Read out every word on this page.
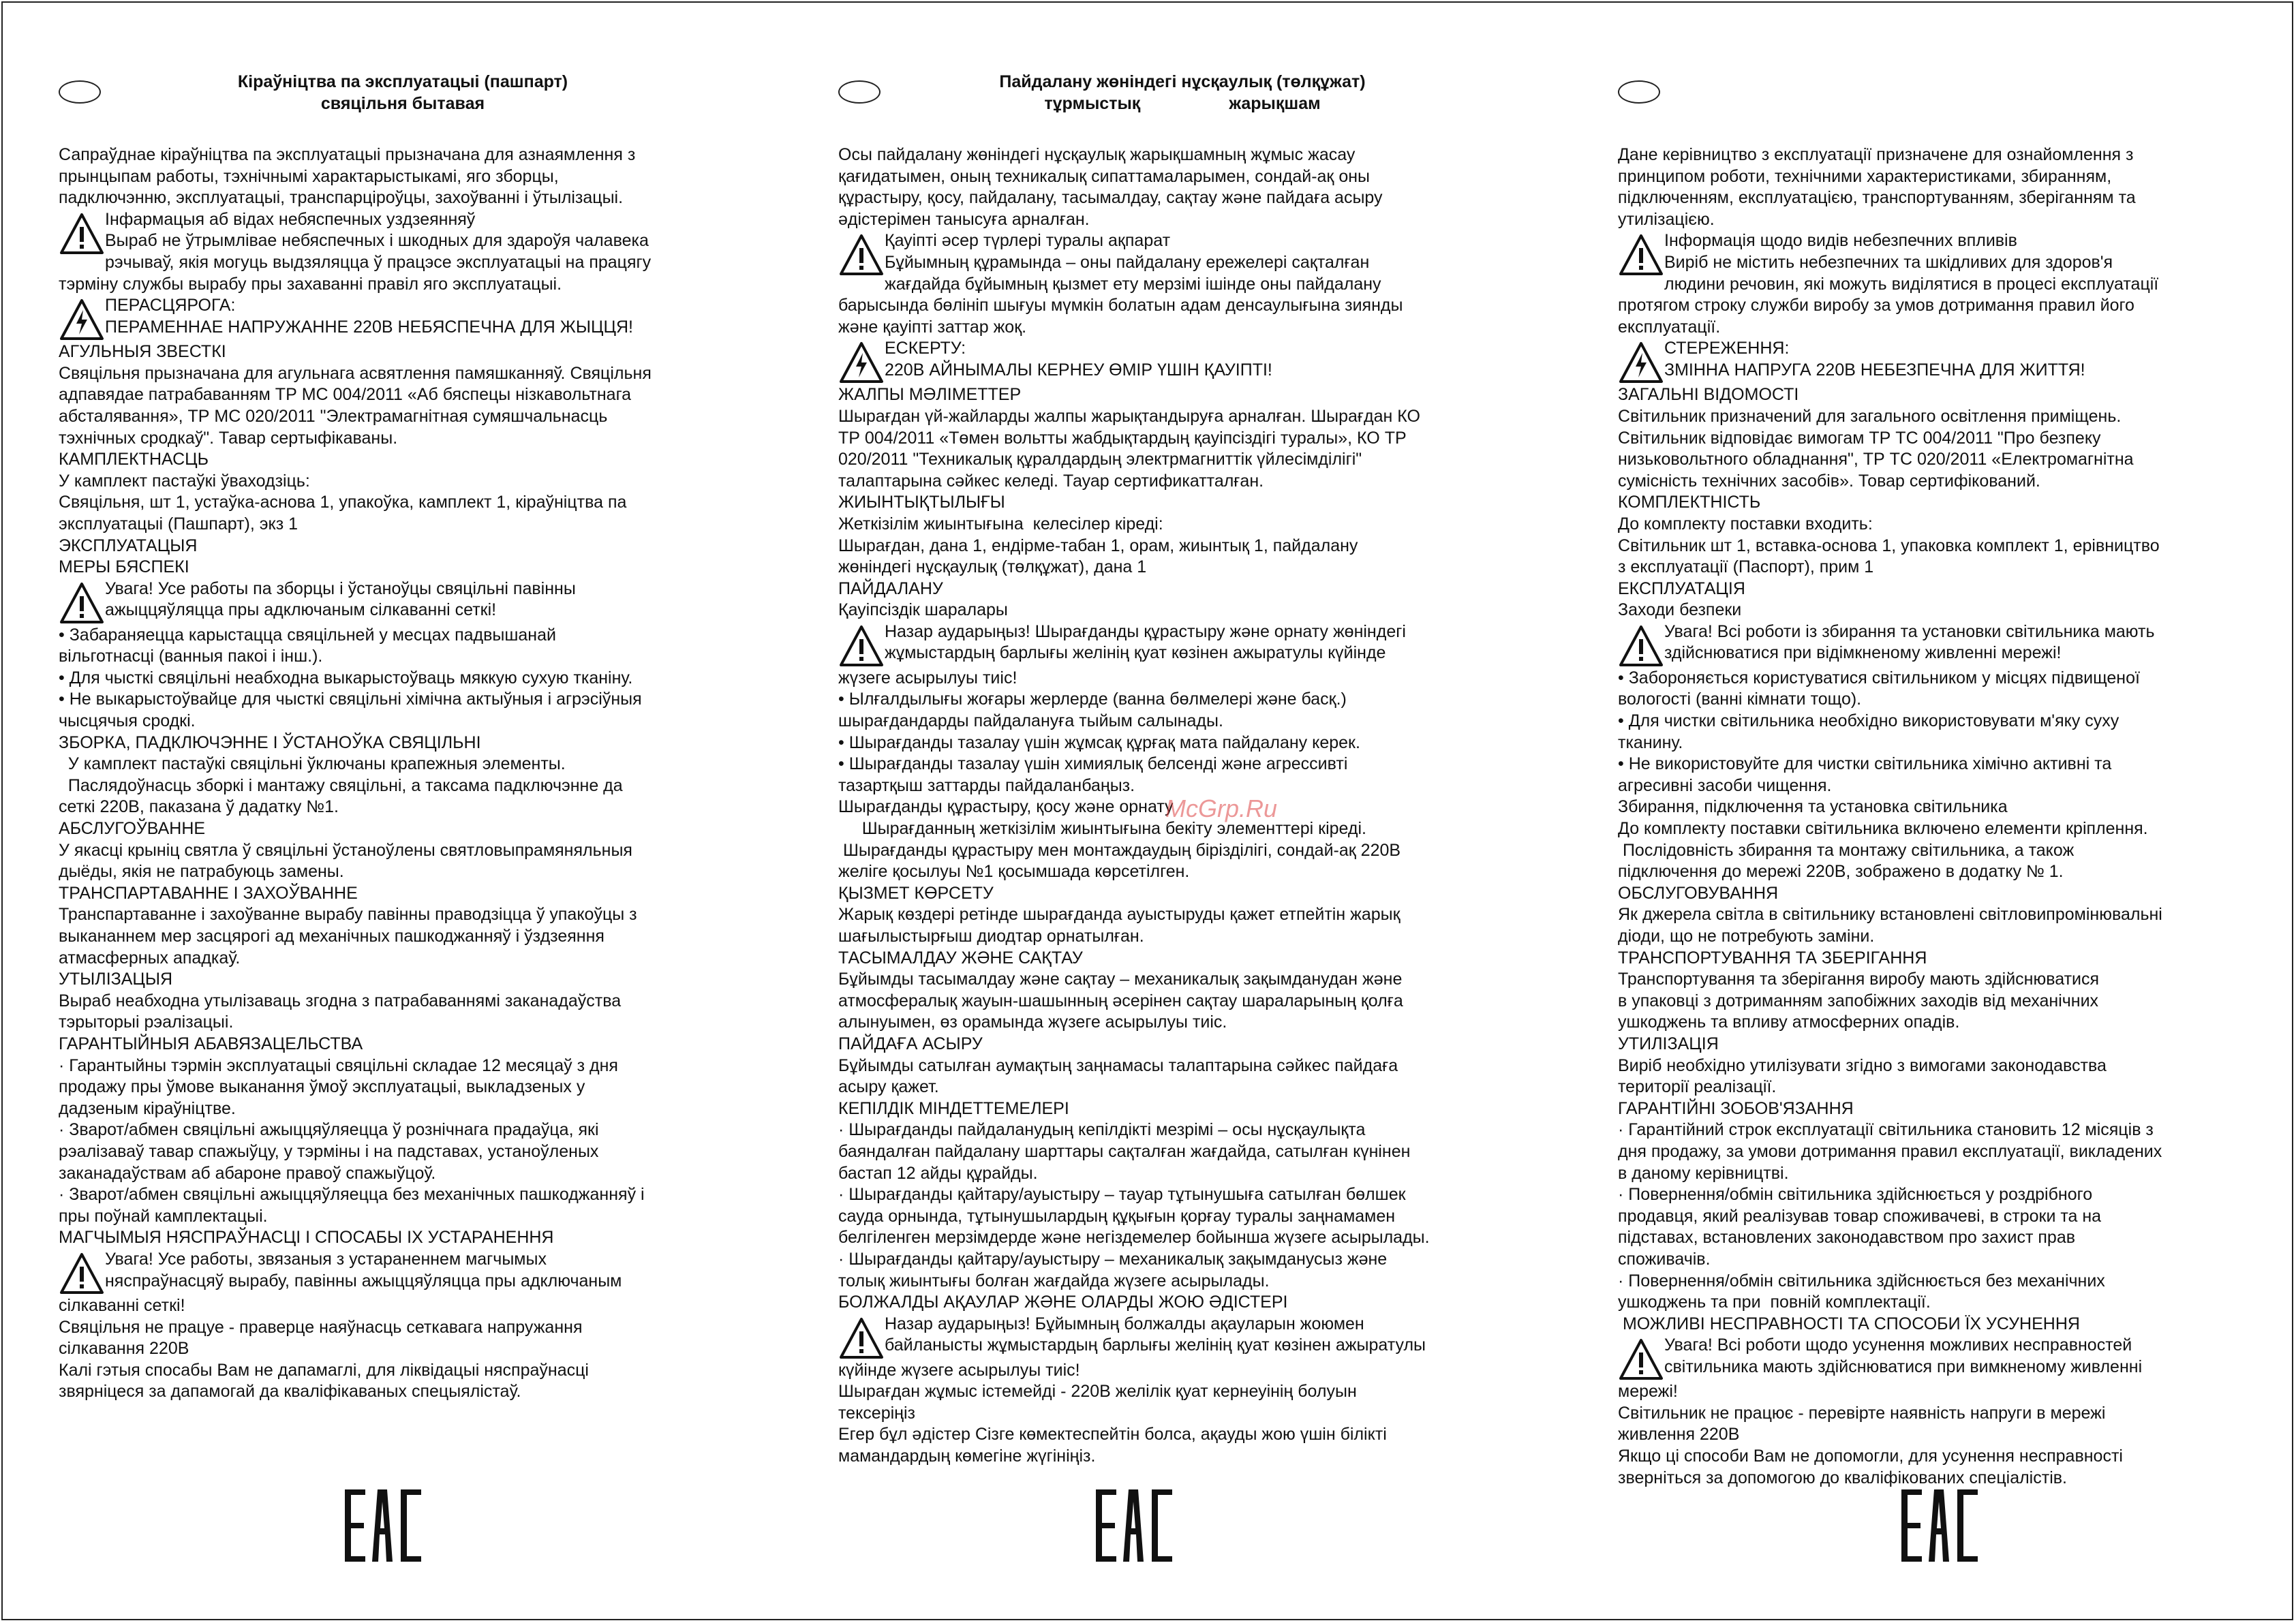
Кіраўніцтва па эксплуатацыі (пашпарт)
свяцільня бытавая

Сапраўднае кіраўніцтва па эксплуатацыі прызначана для азнаямлення з

прынцыпам работы, тэхнічнымі характарыстыкамі, яго зборцы,

падключэнню, эксплуатацыі, транспарціроўцы, захоўванні і ўтылізацыі.

Інфармацыя аб відах небяспечных уздзеянняў

Выраб не ўтрымлівае небяспечных і шкодных для здароўя чалавека

рэчываў, якія могуць выдзяляцца ў працэсе эксплуатацыі на працягу

тэрміну службы вырабу пры захаванні правіл яго эксплуатацыі.

ПЕРАСЦЯРОГА:

ПЕРАМЕННАЕ НАПРУЖАННЕ 220В НЕБЯСПЕЧНА ДЛЯ ЖЫЦЦЯ!

АГУЛЬНЫЯ ЗВЕСТКІ

Свяцільня прызначана для агульнага асвятлення памяшканняў. Свяцільня

адпавядае патрабаванням ТР МС 004/2011 «Аб бяспецы нізкавольтнага

абсталявання», ТР МС 020/2011 "Электрамагнітная сумяшчальнасць

тэхнічных сродкаў". Тавар сертыфікаваны.

КАМПЛЕКТНАСЦЬ

У камплект пастаўкі ўваходзіць:

Свяцільня, шт 1, устаўка-аснова 1, упакоўка, камплект 1, кіраўніцтва па

эксплуатацыі (Пашпарт), экз 1

ЭКСПЛУАТАЦЫЯ

МЕРЫ БЯСПЕКІ

Увага! Усе работы па зборцы і ўстаноўцы свяцільні павінны

ажыццяўляцца пры адключаным сілкаванні сеткі!

• Забараняецца карыстацца свяцільней у месцах падвышанай

вільготнасці (ванныя пакоі і інш.).

• Для чысткі свяцільні неабходна выкарыстоўваць мяккую сухую тканіну.

• Не выкарыстоўвайце для чысткі свяцільні хімічна актыўныя і агрэсіўныя

чысцячыя сродкі.

ЗБОРКА, ПАДКЛЮЧЭННЕ І ЎСТАНОЎКА СВЯЦІЛЬНІ

У камплект пастаўкі свяцільні ўключаны крапежныя элементы.

Паслядоўнасць зборкі і мантажу свяцільні, а таксама падключэнне да

сеткі 220В, паказана ў дадатку №1.

АБСЛУГОЎВАННЕ

У якасці крыніц святла ў свяцільні ўстаноўлены святловыпрамяняльныя

дыёды, якія не патрабуюць замены.

ТРАНСПАРТАВАННЕ І ЗАХОЎВАННЕ

Транспартаванне і захоўванне вырабу павінны праводзіцца ў упакоўцы з

выкананнем мер засцярогі ад механічных пашкоджанняў і ўздзеяння

атмасферных ападкаў.

УТЫЛІЗАЦЫЯ

Выраб неабходна утылізаваць згодна з патрабаваннямі заканадаўства

тэрыторыі рэалізацыі.

ГАРАНТЫЙНЫЯ АБАВЯЗАЦЕЛЬСТВА

· Гарантыйны тэрмін эксплуатацыі свяцільні складае 12 месяцаў з дня

продажу пры ўмове выканання ўмоў эксплуатацыі, выкладзеных у

дадзеным кіраўніцтве.

· Зварот/абмен свяцільні ажыццяўляецца ў рознічнага прадаўца, які

рэалізаваў тавар спажыўцу, у тэрміны і на падставах, устаноўленых

заканадаўствам аб абароне правоў спажыўцоў.

· Зварот/абмен свяцільні ажыццяўляецца без механічных пашкоджанняў і

пры поўнай камплектацыі.

МАГЧЫМЫЯ НЯСПРАЎНАСЦІ І СПОСАБЫ ІХ УСТАРАНЕННЯ

Увага! Усе работы, звязаныя з устараненнем магчымых

няспраўнасцяў вырабу, павінны ажыццяўляцца пры адключаным

сілкаванні сеткі!

Свяцільня не працуе - праверце наяўнасць сеткавага напружання

сілкавання 220В

Калі гэтыя спосабы Вам не дапамаглі, для ліквідацыі няспраўнасці

звярніцеся за дапамогай да кваліфікаваных спецыялістаў.

Пайдалану жөніндегі нұсқаулық (төлқұжат)
тұрмыстық	жарықшам

Осы пайдалану жөніндегі нұсқаулық жарықшамның жұмыс жасау

қағидатымен, оның техникалық сипаттамаларымен, сондай-ақ оны

құрастыру, қосу, пайдалану, тасымалдау, сақтау және пайдаға асыру

әдістерімен танысуға арналған.

Қауіпті әсер түрлері туралы ақпарат

Бұйымның құрамында – оны пайдалану ережелері сақталған

жағдайда бұйымның қызмет ету мерзімі ішінде оны пайдалану

барысында бөлініп шығуы мүмкін болатын адам денсаулығына зиянды

және қауіпті заттар жоқ.

ЕСКЕРТУ:

220В АЙНЫМАЛЫ КЕРНЕУ ӨМІР ҮШІН ҚАУІПТІ!

ЖАЛПЫ МӘЛІМЕТТЕР

Шырағдан үй-жайларды жалпы жарықтандыруға арналған. Шырағдан КО

ТР 004/2011 «Төмен вольтты жабдықтардың қауіпсіздігі туралы», КО ТР

020/2011 "Техникалық құралдардың электрмагниттік үйлесімділігі"

талаптарына сәйкес келеді. Тауар сертификатталған.

ЖИЫНТЫҚТЫЛЫҒЫ

Жеткізілім жиынтығына  келесілер кіреді:

Шырағдан, дана 1, ендірме-табан 1, орам, жиынтық 1, пайдалану

жөніндегі нұсқаулық (төлқұжат), дана 1

ПАЙДАЛАНУ

Қауіпсіздік шаралары

Назар аударыңыз! Шырағданды құрастыру және орнату жөніндегі

жұмыстардың барлығы желінің қуат көзінен ажыратулы күйінде

жүзеге асырылуы тиіс!

• Ылғалдылығы жоғары жерлерде (ванна бөлмелері және басқ.)

шырағдандарды пайдалануға тыйым салынады.

• Шырағданды тазалау үшін жұмсақ құрғақ мата пайдалану керек.

• Шырағданды тазалау үшін химиялық белсенді және агрессивті

тазартқыш заттарды пайдаланбаңыз.

Шырағданды құрастыру, қосу және орнату

Шырағданның жеткізілім жиынтығына бекіту элементтері кіреді.

Шырағданды құрастыру мен монтаждаудың бірізділігі, сондай-ақ 220В

желіге қосылуы №1 қосымшада көрсетілген.

ҚЫЗМЕТ КӨРСЕТУ

Жарық көздері ретінде шырағданда ауыстыруды қажет етпейтін жарық

шағылыстырғыш диодтар орнатылған.

ТАСЫМАЛДАУ ЖӘНЕ САҚТАУ

Бұйымды тасымалдау және сақтау – механикалық зақымданудан және

атмосфералық жауын-шашынның әсерінен сақтау шараларының қолға

алынуымен, өз орамында жүзеге асырылуы тиіс.

ПАЙДАҒА АСЫРУ

Бұйымды сатылған аумақтың заңнамасы талаптарына сәйкес пайдаға

асыру қажет.

КЕПІЛДІК МІНДЕТТЕМЕЛЕРІ

· Шырағданды пайдаланудың кепілдікті мезрімі – осы нұсқаулықта

баяндалған пайдалану шарттары сақталған жағдайда, сатылған күнінен

бастап 12 айды құрайды.

· Шырағданды қайтару/ауыстыру – тауар тұтынушыға сатылған бөлшек

сауда орнында, тұтынушылардың құқығын қорғау туралы заңнамамен

белгіленген мерзімдерде және негіздемелер бойынша жүзеге асырылады.

· Шырағданды қайтару/ауыстыру – механикалық зақымданусыз және

толық жиынтығы болған жағдайда жүзеге асырылады.

БОЛЖАЛДЫ АҚАУЛАР ЖӘНЕ ОЛАРДЫ ЖОЮ ӘДІСТЕРІ

Назар аударыңыз! Бұйымның болжалды ақауларын жоюмен

байланысты жұмыстардың барлығы желінің қуат көзінен ажыратулы

күйінде жүзеге асырылуы тиіс!

Шырағдан жұмыс істемейді - 220В желілік қуат кернеуінің болуын

тексеріңіз

Егер бұл әдістер Сізге көмектеспейтін болса, ақауды жою үшін білікті

мамандардың көмегіне жүгініңіз.

Дане керівництво з експлуатації призначене для ознайомлення з

принципом роботи, технічними характеристиками, збиранням,

підключенням, експлуатацією, транспортуванням, зберіганням та

утилізацією.

Інформація щодо видів небезпечних впливів

Виріб не містить небезпечних та шкідливих для здоров'я

людини речовин, які можуть виділятися в процесі експлуатації

протягом строку служби виробу за умов дотримання правил його

експлуатації.

СТЕРЕЖЕННЯ:

ЗМІННА НАПРУГА 220В НЕБЕЗПЕЧНА ДЛЯ ЖИТТЯ!

ЗАГАЛЬНІ ВІДОМОСТІ

Світильник призначений для загального освітлення приміщень.

Світильник відповідає вимогам ТР ТС 004/2011 "Про безпеку

низьковольтного обладнання", ТР ТС 020/2011 «Електромагнітна

сумісність технічних засобів». Товар сертифікований.

КОМПЛЕКТНІСТЬ

До комплекту поставки входить:

Світильник шт 1, вставка-основа 1, упаковка комплект 1, ерівництво

з експлуатації (Паспорт), прим 1

ЕКСПЛУАТАЦІЯ

Заходи безпеки

Увага! Всі роботи із збирання та установки світильника мають

здійснюватися при відімкненому живленні мережі!

• Забороняється користуватися світильником у місцях підвищеної

вологості (ванні кімнати тощо).

• Для чистки світильника необхідно використовувати м'яку суху

тканину.

• Не використовуйте для чистки світильника хімічно активні та

агресивні засоби чищення.

Збирання, підключення та установка світильника

До комплекту поставки світильника включено елементи кріплення.

Послідовність збирання та монтажу світильника, а також

підключення до мережі 220В, зображено в додатку № 1.

ОБСЛУГОВУВАННЯ

Як джерела світла в світильнику встановлені світловипромінювальні

діоди, що не потребують заміни.

ТРАНСПОРТУВАННЯ ТА ЗБЕРІГАННЯ

Транспортування та зберігання виробу мають здійснюватися

в упаковці з дотриманням запобіжних заходів від механічних

ушкоджень та впливу атмосферних опадів.

УТИЛІЗАЦІЯ

Виріб необхідно утилізувати згідно з вимогами законодавства

території реалізації.

ГАРАНТІЙНІ ЗОБОВ'ЯЗАННЯ

· Гарантійний строк експлуатації світильника становить 12 місяців з

дня продажу, за умови дотримання правил експлуатації, викладених

в даному керівництві.

· Повернення/обмін світильника здійснюється у роздрібного

продавця, який реалізував товар споживачеві, в строки та на

підставах, встановлених законодавством про захист прав

споживачів.

· Повернення/обмін світильника здійснюється без механічних

ушкоджень та при  повній комплектації.

МОЖЛИВІ НЕСПРАВНОСТІ ТА СПОСОБИ ЇХ УСУНЕННЯ

Увага! Всі роботи щодо усунення можливих несправностей

світильника мають здійснюватися при вимкненому живленні

мережі!

Світильник не працює - перевірте наявність напруги в мережі

живлення 220В

Якщо ці способи Вам не допомогли, для усунення несправності

зверніться за допомогою до кваліфікованих спеціалістів.

McGrp.Ru
